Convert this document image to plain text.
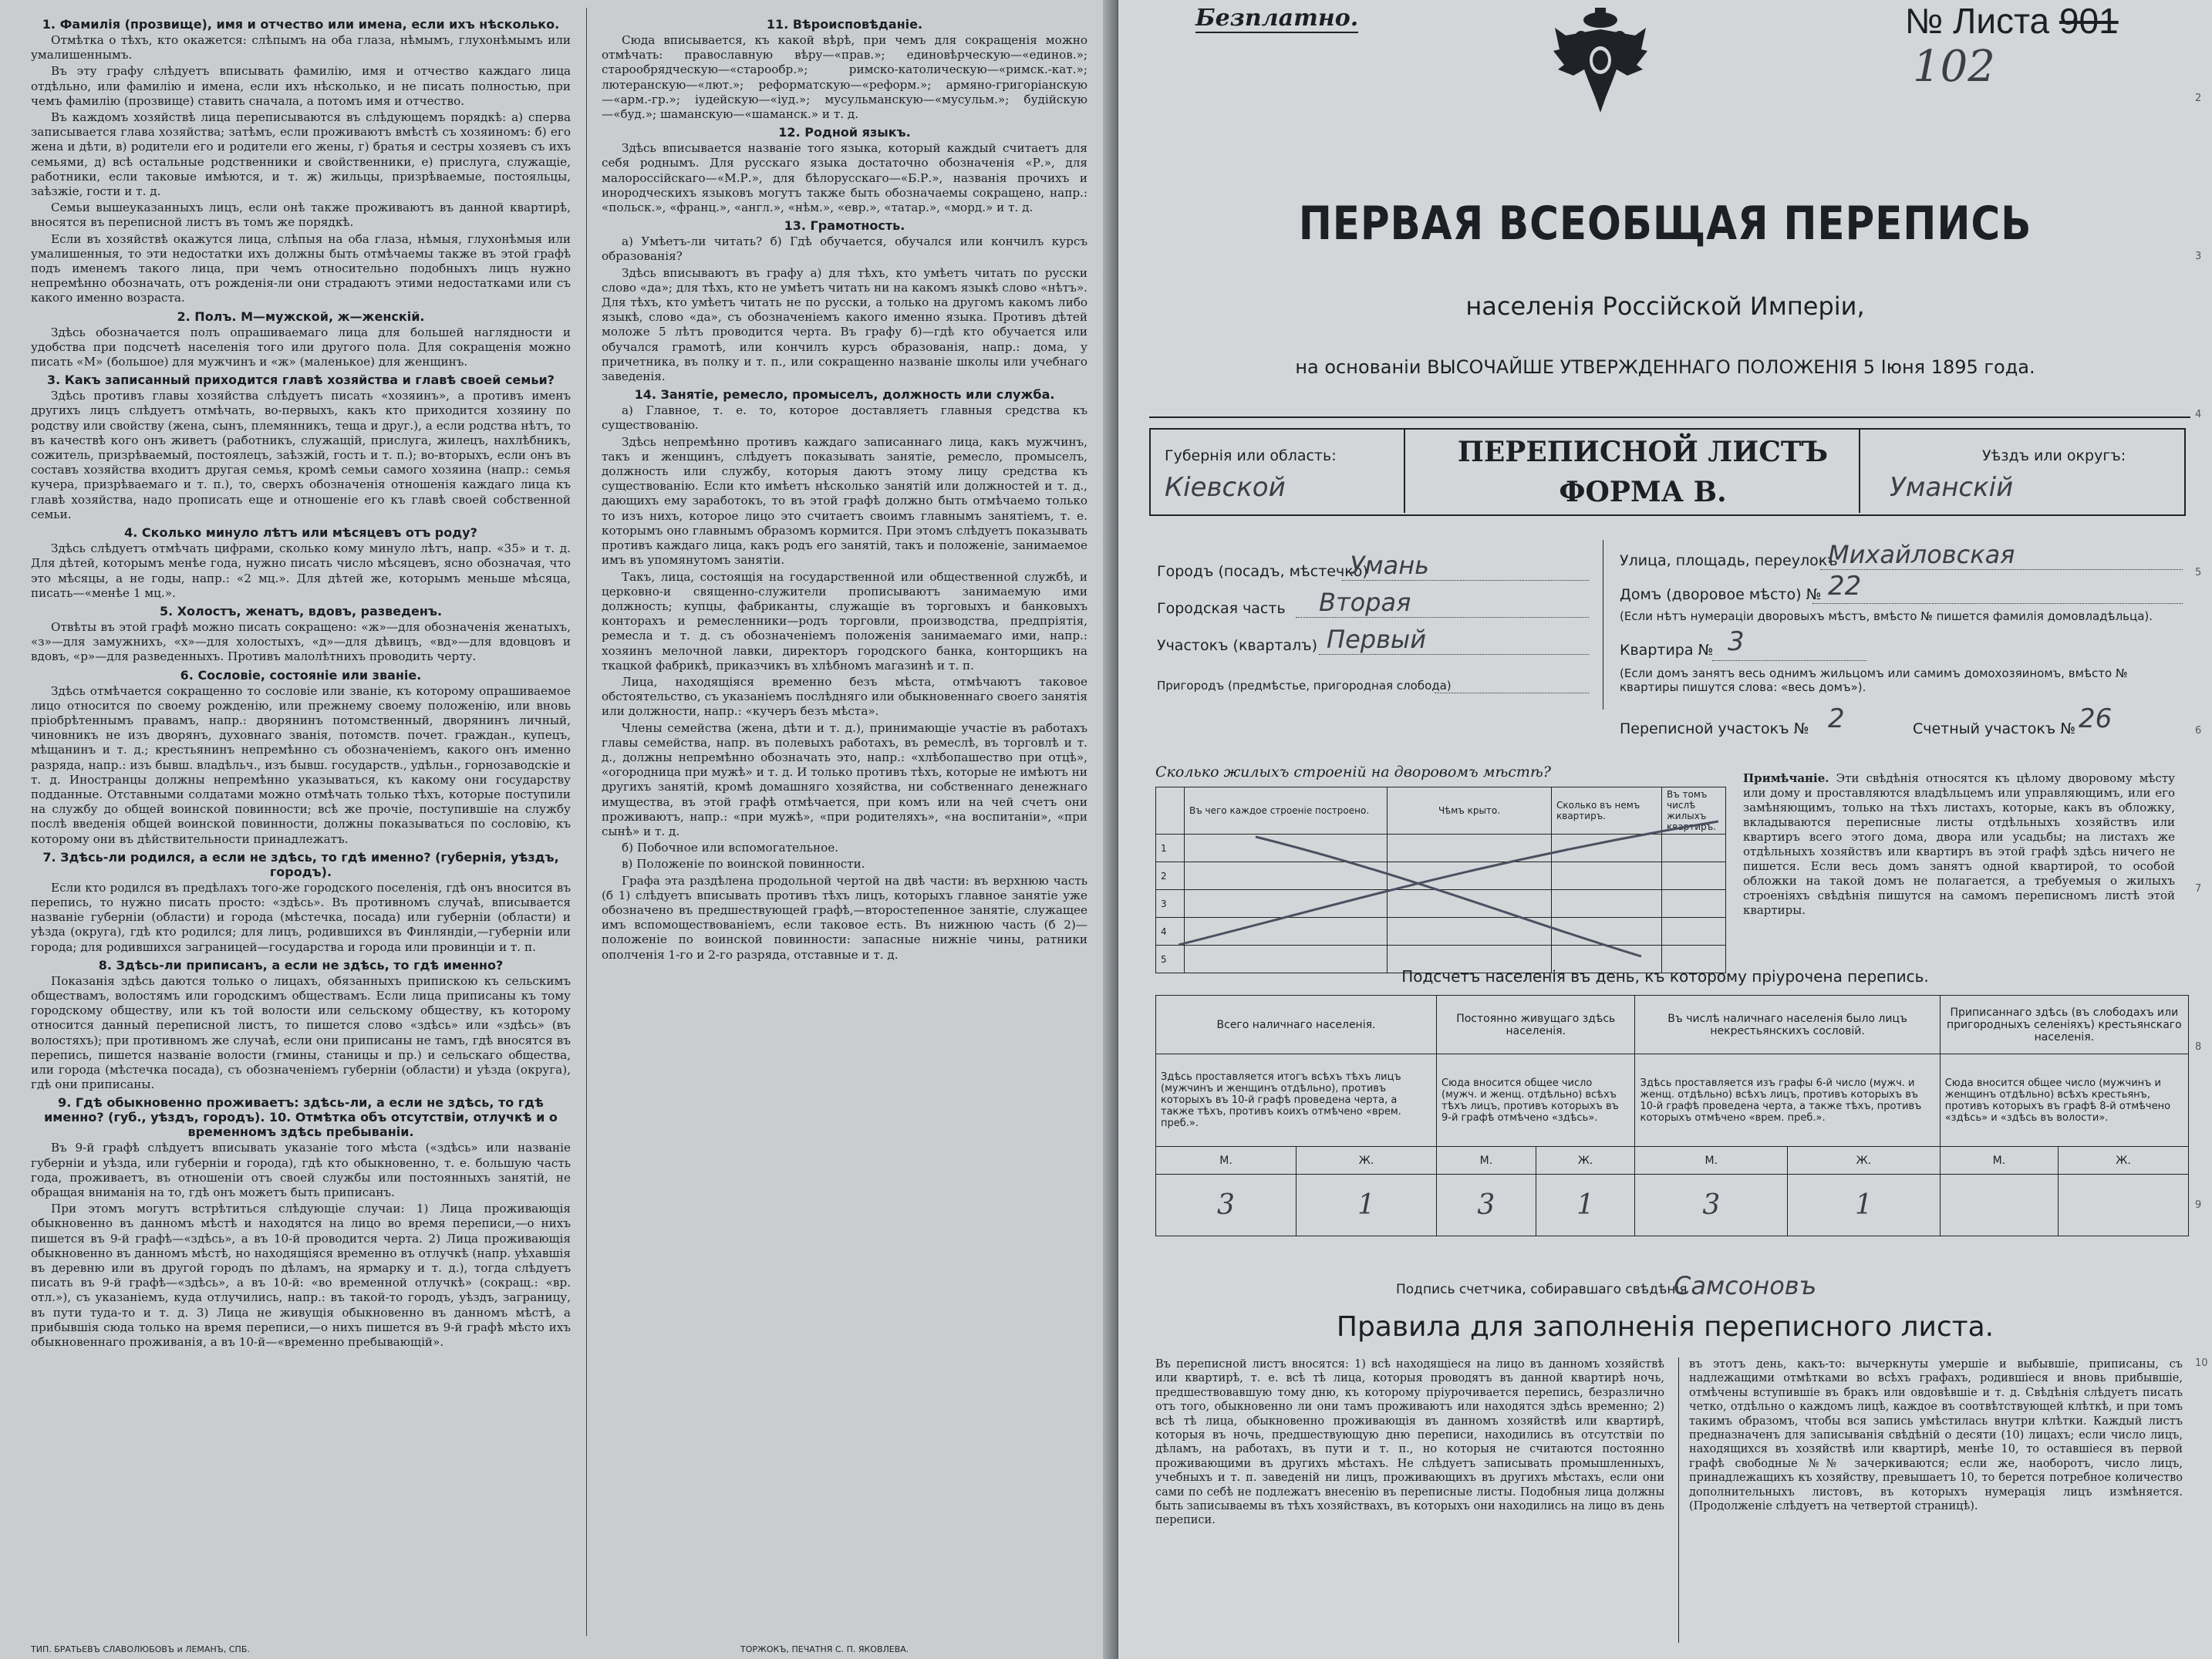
1. Фамилія (прозвище), имя и отчество или имена, если ихъ нѣсколько.

Отмѣтка о тѣхъ, кто окажется: слѣпымъ на оба глаза, нѣмымъ, глухонѣмымъ или умалишеннымъ.

Въ эту графу слѣдуетъ вписывать фамилію, имя и отчество каждаго лица отдѣльно, или фамилію и имена, если ихъ нѣсколько, и не писать полностью, при чемъ фамилію (прозвище) ставить сначала, а потомъ имя и отчество.

Въ каждомъ хозяйствѣ лица переписываются въ слѣдующемъ порядкѣ: а) сперва записывается глава хозяйства; затѣмъ, если проживаютъ вмѣстѣ съ хозяиномъ: б) его жена и дѣти, в) родители его и родители его жены, г) братья и сестры хозяевъ съ ихъ семьями, д) всѣ остальные родственники и свойственники, е) прислуга, служащіе, работники, если таковые имѣются, и т. ж) жильцы, призрѣваемые, постояльцы, заѣзжіе, гости и т. д.

Семьи вышеуказанныхъ лицъ, если онѣ также проживаютъ въ данной квартирѣ, вносятся въ переписной листъ въ томъ же порядкѣ.

Если въ хозяйствѣ окажутся лица, слѣпыя на оба глаза, нѣмыя, глухонѣмыя или умалишенныя, то эти недостатки ихъ должны быть отмѣчаемы также въ этой графѣ подъ именемъ такого лица, при чемъ относительно подобныхъ лицъ нужно непремѣнно обозначать, отъ рожденія-ли они страдаютъ этими недостатками или съ какого именно возраста.

2. Полъ. М—мужской, ж—женскій.

Здѣсь обозначается полъ опрашиваемаго лица для большей наглядности и удобства при подсчетѣ населенія того или другого пола. Для сокращенія можно писать «М» (большое) для мужчинъ и «ж» (маленькое) для женщинъ.

3. Какъ записанный приходится главѣ хозяйства и главѣ своей семьи?

Здѣсь противъ главы хозяйства слѣдуетъ писать «хозяинъ», а противъ именъ другихъ лицъ слѣдуетъ отмѣчать, во-первыхъ, какъ кто приходится хозяину по родству или свойству (жена, сынъ, племянникъ, теща и друг.), а если родства нѣтъ, то въ качествѣ кого онъ живетъ (работникъ, служащій, прислуга, жилецъ, нахлѣбникъ, сожитель, призрѣваемый, постоялецъ, заѣзжій, гость и т. п.); во-вторыхъ, если онъ въ составъ хозяйства входитъ другая семья, кромѣ семьи самого хозяина (напр.: семья кучера, призрѣваемаго и т. п.), то, сверхъ обозначенія отношенія каждаго лица къ главѣ хозяйства, надо прописать еще и отношеніе его къ главѣ своей собственной семьи.

4. Сколько минуло лѣтъ или мѣсяцевъ отъ роду?

Здѣсь слѣдуетъ отмѣчать цифрами, сколько кому минуло лѣтъ, напр. «35» и т. д. Для дѣтей, которымъ менѣе года, нужно писать число мѣсяцевъ, ясно обозначая, что это мѣсяцы, а не годы, напр.: «2 мц.». Для дѣтей же, которымъ меньше мѣсяца, писать—«менѣе 1 мц.».

5. Холостъ, женатъ, вдовъ, разведенъ.

Отвѣты въ этой графѣ можно писать сокращено: «ж»—для обозначенія женатыхъ, «з»—для замужнихъ, «х»—для холостыхъ, «д»—для дѣвицъ, «вд»—для вдовцовъ и вдовъ, «р»—для разведенныхъ. Противъ малолѣтнихъ проводить черту.

6. Сословіе, состояніе или званіе.

Здѣсь отмѣчается сокращенно то сословіе или званіе, къ которому опрашиваемое лицо относится по своему рожденію, или прежнему своему положенію, или вновь пріобрѣтеннымъ правамъ, напр.: дворянинъ потомственный, дворянинъ личный, чиновникъ не изъ дворянъ, духовнаго званія, потомств. почет. граждан., купецъ, мѣщанинъ и т. д.; крестьянинъ непремѣнно съ обозначеніемъ, какого онъ именно разряда, напр.: изъ бывш. владѣльч., изъ бывш. государств., удѣльн., горнозаводскіе и т. д. Иностранцы должны непремѣнно указываться, къ какому они государству подданные. Отставными солдатами можно отмѣчать только тѣхъ, которые поступили на службу до общей воинской повинности; всѣ же прочіе, поступившіе на службу послѣ введенія общей воинской повинности, должны показываться по сословію, къ которому они въ дѣйствительности принадлежатъ.

7. Здѣсь-ли родился, а если не здѣсь, то гдѣ именно? (губернія, уѣздъ, городъ).

Если кто родился въ предѣлахъ того-же городского поселенія, гдѣ онъ вносится въ перепись, то нужно писать просто: «здѣсь». Въ противномъ случаѣ, вписывается названіе губерніи (области) и города (мѣстечка, посада) или губерніи (области) и уѣзда (округа), гдѣ кто родился; для лицъ, родившихся въ Финляндіи,—губерніи или города; для родившихся заграницей—государства и города или провинціи и т. п.

8. Здѣсь-ли приписанъ, а если не здѣсь, то гдѣ именно?

Показанія здѣсь даются только о лицахъ, обязанныхъ припискою къ сельскимъ обществамъ, волостямъ или городскимъ обществамъ. Если лица приписаны къ тому городскому обществу, или къ той волости или сельскому обществу, къ которому относится данный переписной листъ, то пишется слово «здѣсь» или «здѣсь» (въ волостяхъ); при противномъ же случаѣ, если они приписаны не тамъ, гдѣ вносятся въ перепись, пишется названіе волости (гмины, станицы и пр.) и сельскаго общества, или города (мѣстечка посада), съ обозначеніемъ губерніи (области) и уѣзда (округа), гдѣ они приписаны.

9. Гдѣ обыкновенно проживаетъ: здѣсь-ли, а если не здѣсь, то гдѣ именно? (губ., уѣздъ, городъ). 10. Отмѣтка объ отсутствіи, отлучкѣ и о временномъ здѣсь пребываніи.

Въ 9-й графѣ слѣдуетъ вписывать указаніе того мѣста («здѣсь» или названіе губерніи и уѣзда, или губерніи и города), гдѣ кто обыкновенно, т. е. большую часть года, проживаетъ, въ отношеніи отъ своей службы или постоянныхъ занятій, не обращая вниманія на то, гдѣ онъ можетъ быть приписанъ.

При этомъ могутъ встрѣтиться слѣдующіе случаи: 1) Лица проживающія обыкновенно въ данномъ мѣстѣ и находятся на лицо во время переписи,—о нихъ пишется въ 9-й графѣ—«здѣсь», а въ 10-й проводится черта. 2) Лица проживающія обыкновенно въ данномъ мѣстѣ, но находящіяся временно въ отлучкѣ (напр. уѣхавшія въ деревню или въ другой городъ по дѣламъ, на ярмарку и т. д.), тогда слѣдуетъ писать въ 9-й графѣ—«здѣсь», а въ 10-й: «во временной отлучкѣ» (сокращ.: «вр. отл.»), съ указаніемъ, куда отлучились, напр.: въ такой-то городъ, уѣздъ, заграницу, въ пути туда-то и т. д. 3) Лица не живущія обыкновенно въ данномъ мѣстѣ, а прибывшія сюда только на время переписи,—о нихъ пишется въ 9-й графѣ мѣсто ихъ обыкновеннаго проживанія, а въ 10-й—«временно пребывающій».

11. Вѣроисповѣданіе.

Сюда вписывается, къ какой вѣрѣ, при чемъ для сокращенія можно отмѣчать: православную вѣру—«прав.»; единовѣрческую—«единов.»; старообрядческую—«старообр.»; римско-католическую—«римск.-кат.»; лютеранскую—«лют.»; реформатскую—«реформ.»; армяно-григоріанскую—«арм.-гр.»; іудейскую—«іуд.»; мусульманскую—«мусульм.»; будійскую—«буд.»; шаманскую—«шаманск.» и т. д.

12. Родной языкъ.

Здѣсь вписывается названіе того языка, который каждый считаетъ для себя роднымъ. Для русскаго языка достаточно обозначенія «Р.», для малороссійскаго—«М.Р.», для бѣлорусскаго—«Б.Р.», названія прочихъ и инородческихъ языковъ могутъ также быть обозначаемы сокращено, напр.: «польск.», «франц.», «англ.», «нѣм.», «евр.», «татар.», «морд.» и т. д.

13. Грамотность.

а) Умѣетъ-ли читать? б) Гдѣ обучается, обучался или кончилъ курсъ образованія?

Здѣсь вписываютъ въ графу а) для тѣхъ, кто умѣетъ читать по русски слово «да»; для тѣхъ, кто не умѣетъ читать ни на какомъ языкѣ слово «нѣтъ». Для тѣхъ, кто умѣетъ читать не по русски, а только на другомъ какомъ либо языкѣ, слово «да», съ обозначеніемъ какого именно языка. Противъ дѣтей моложе 5 лѣтъ проводится черта. Въ графу б)—гдѣ кто обучается или обучался грамотѣ, или кончилъ курсъ образованія, напр.: дома, у причетника, въ полку и т. п., или сокращенно названіе школы или учебнаго заведенія.

14. Занятіе, ремесло, промыселъ, должность или служба.

а) Главное, т. е. то, которое доставляетъ главныя средства къ существованію.

Здѣсь непремѣнно противъ каждаго записаннаго лица, какъ мужчинъ, такъ и женщинъ, слѣдуетъ показывать занятіе, ремесло, промыселъ, должность или службу, которыя даютъ этому лицу средства къ существованію. Если кто имѣетъ нѣсколько занятій или должностей и т. д., дающихъ ему заработокъ, то въ этой графѣ должно быть отмѣчаемо только то изъ нихъ, которое лицо это считаетъ своимъ главнымъ занятіемъ, т. е. которымъ оно главнымъ образомъ кормится. При этомъ слѣдуетъ показывать противъ каждаго лица, какъ родъ его занятій, такъ и положеніе, занимаемое имъ въ упомянутомъ занятіи.

Такъ, лица, состоящія на государственной или общественной службѣ, и церковно-и священно-служители прописываютъ занимаемую ими должность; купцы, фабриканты, служащіе въ торговыхъ и банковыхъ конторахъ и ремесленники—родъ торговли, производства, предпріятія, ремесла и т. д. съ обозначеніемъ положенія занимаемаго ими, напр.: хозяинъ мелочной лавки, директоръ городского банка, конторщикъ на ткацкой фабрикѣ, приказчикъ въ хлѣбномъ магазинѣ и т. п.

Лица, находящіяся временно безъ мѣста, отмѣчаютъ таковое обстоятельство, съ указаніемъ послѣдняго или обыкновеннаго своего занятія или должности, напр.: «кучеръ безъ мѣста».

Члены семейства (жена, дѣти и т. д.), принимающіе участіе въ работахъ главы семейства, напр. въ полевыхъ работахъ, въ ремеслѣ, въ торговлѣ и т. д., должны непремѣнно обозначать это, напр.: «хлѣбопашество при отцѣ», «огородница при мужѣ» и т. д. И только противъ тѣхъ, которые не имѣютъ ни другихъ занятій, кромѣ домашняго хозяйства, ни собственнаго денежнаго имущества, въ этой графѣ отмѣчается, при комъ или на чей счетъ они проживаютъ, напр.: «при мужѣ», «при родителяхъ», «на воспитаніи», «при сынѣ» и т. д.

б) Побочное или вспомогательное.

в) Положеніе по воинской повинности.

Графа эта раздѣлена продольной чертой на двѣ части: въ верхнюю часть (б 1) слѣдуетъ вписывать противъ тѣхъ лицъ, которыхъ главное занятіе уже обозначено въ предшествующей графѣ,—второстепенное занятіе, служащее имъ вспомоществованіемъ, если таковое есть. Въ нижнюю часть (б 2)—положеніе по воинской повинности: запасные нижніе чины, ратники ополченія 1-го и 2-го разряда, отставные и т. д.

ТИП. БРАТЬЕВЪ СЛАВОЛЮБОВЪ и ЛЕМАНЪ, СПБ.	ТОРЖОКЪ, ПЕЧАТНЯ С. П. ЯКОВЛЕВА.
Безплатно.	№ Листа 901 102
ПЕРВАЯ ВСЕОБЩАЯ ПЕРЕПИСЬ
населенія Россійской Имперіи,
на основаніи ВЫСОЧАЙШЕ УТВЕРЖДЕННАГО ПОЛОЖЕНІЯ 5 Іюня 1895 года.
Губернія или область:
Кіевской
ПЕРЕПИСНОЙ ЛИСТЪ
ФОРМА В.
Уѣздъ или округъ:
Уманскій
Городъ (посадъ, мѣстечко)
Умань
Городская часть Вторая
Участокъ (кварталъ) Первый
Пригородъ (предмѣстье, пригородная слобода)
Улица, площадь, переулокъ
Михайловская
Домъ (дворовое мѣсто) № 22
(Если нѣтъ нумераціи дворовыхъ мѣстъ, вмѣсто № пишется фамилія домовладѣльца).
Квартира № 3
(Если домъ занятъ весь однимъ жильцомъ или самимъ домохозяиномъ, вмѣсто № квартиры пишутся слова: «весь домъ»).
Переписной участокъ № 2	Счетный участокъ № 26
Сколько жилыхъ строеній на дворовомъ мѣстѣ?
	Въ чего каждое строеніе построено.	Чѣмъ крыто.	Сколько въ немъ квартиръ.	Въ томъ числѣ жилыхъ квартиръ.
1				
2				
3				
4				
5				
Примѣчаніе. Эти свѣдѣнія относятся къ цѣлому дворовому мѣсту или дому и проставляются владѣльцемъ или управляющимъ, или его замѣняющимъ, только на тѣхъ листахъ, которые, какъ въ обложку, вкладываются переписные листы отдѣльныхъ хозяйствъ или квартиръ всего этого дома, двора или усадьбы; на листахъ же отдѣльныхъ хозяйствъ или квартиръ въ этой графѣ здѣсь ничего не пишется. Если весь домъ занятъ одной квартирой, то особой обложки на такой домъ не полагается, а требуемыя о жилыхъ строеніяхъ свѣдѣнія пишутся на самомъ переписномъ листѣ этой квартиры.
Подсчетъ населенія въ день, къ которому пріурочена перепись.
Всего наличнаго населенія.		Постоянно живущаго здѣсь населенія.		Въ числѣ наличнаго населенія было лицъ некрестьянскихъ сословій.		Приписаннаго здѣсь (въ слободахъ или пригородныхъ селеніяхъ) крестьянскаго населенія.	
Здѣсь проставляется итогъ всѣхъ тѣхъ лицъ (мужчинъ и женщинъ отдѣльно), противъ которыхъ въ 10-й графѣ проведена черта, а также тѣхъ, противъ коихъ отмѣчено «врем. преб.».		Сюда вносится общее число (мужч. и женщ. отдѣльно) всѣхъ тѣхъ лицъ, противъ которыхъ въ 9-й графѣ отмѣчено «здѣсь».		Здѣсь проставляется изъ графы 6-й число (мужч. и женщ. отдѣльно) всѣхъ лицъ, противъ которыхъ въ 10-й графѣ проведена черта, а также тѣхъ, противъ которыхъ отмѣчено «врем. преб.».		Сюда вносится общее число (мужчинъ и женщинъ отдѣльно) всѣхъ крестьянъ, противъ которыхъ въ графѣ 8-й отмѣчено «здѣсь» и «здѣсь въ волости».	
М.	Ж.	М.	Ж.	М.	Ж.	М.	Ж.
3	1	3	1	3	1		
Подпись счетчика, собиравшаго свѣдѣнія
Самсоновъ
Правила для заполненія переписного листа.
Въ переписной листъ вносятся: 1) всѣ находящіеся на лицо въ данномъ хозяйствѣ или квартирѣ, т. е. всѣ тѣ лица, которыя проводятъ въ данной квартирѣ ночь, предшествовавшую тому дню, къ которому пріурочивается перепись, безразлично отъ того, обыкновенно ли они тамъ проживаютъ или находятся здѣсь временно; 2) всѣ тѣ лица, обыкновенно проживающія въ данномъ хозяйствѣ или квартирѣ, которыя въ ночь, предшествующую дню переписи, находились въ отсутствіи по дѣламъ, на работахъ, въ пути и т. п., но которыя не считаются постоянно проживающими въ другихъ мѣстахъ. Не слѣдуетъ записывать промышленныхъ, учебныхъ и т. п. заведеній ни лицъ, проживающихъ въ другихъ мѣстахъ, если они сами по себѣ не подлежатъ внесенію въ переписные листы. Подобныя лица должны быть записываемы въ тѣхъ хозяйствахъ, въ которыхъ они находились на лицо въ день переписи.
въ этотъ день, какъ-то: вычеркнуты умершіе и выбывшіе, приписаны, съ надлежащими отмѣтками во всѣхъ графахъ, родившіеся и вновь прибывшіе, отмѣчены вступившіе въ бракъ или овдовѣвшіе и т. д. Свѣдѣнія слѣдуетъ писать четко, отдѣльно о каждомъ лицѣ, каждое въ соотвѣтствующей клѣткѣ, и при томъ такимъ образомъ, чтобы вся запись умѣстилась внутри клѣтки. Каждый листъ предназначенъ для записыванія свѣдѣній о десяти (10) лицахъ; если число лицъ, находящихся въ хозяйствѣ или квартирѣ, менѣе 10, то оставшіеся въ первой графѣ свободные №№ зачеркиваются; если же, наоборотъ, число лицъ, принадлежащихъ къ хозяйству, превышаетъ 10, то берется потребное количество дополнительныхъ листовъ, въ которыхъ нумерація лицъ измѣняется. (Продолженіе слѣдуетъ на четвертой страницѣ).
2
3
4
5
6
7
8
9
10
